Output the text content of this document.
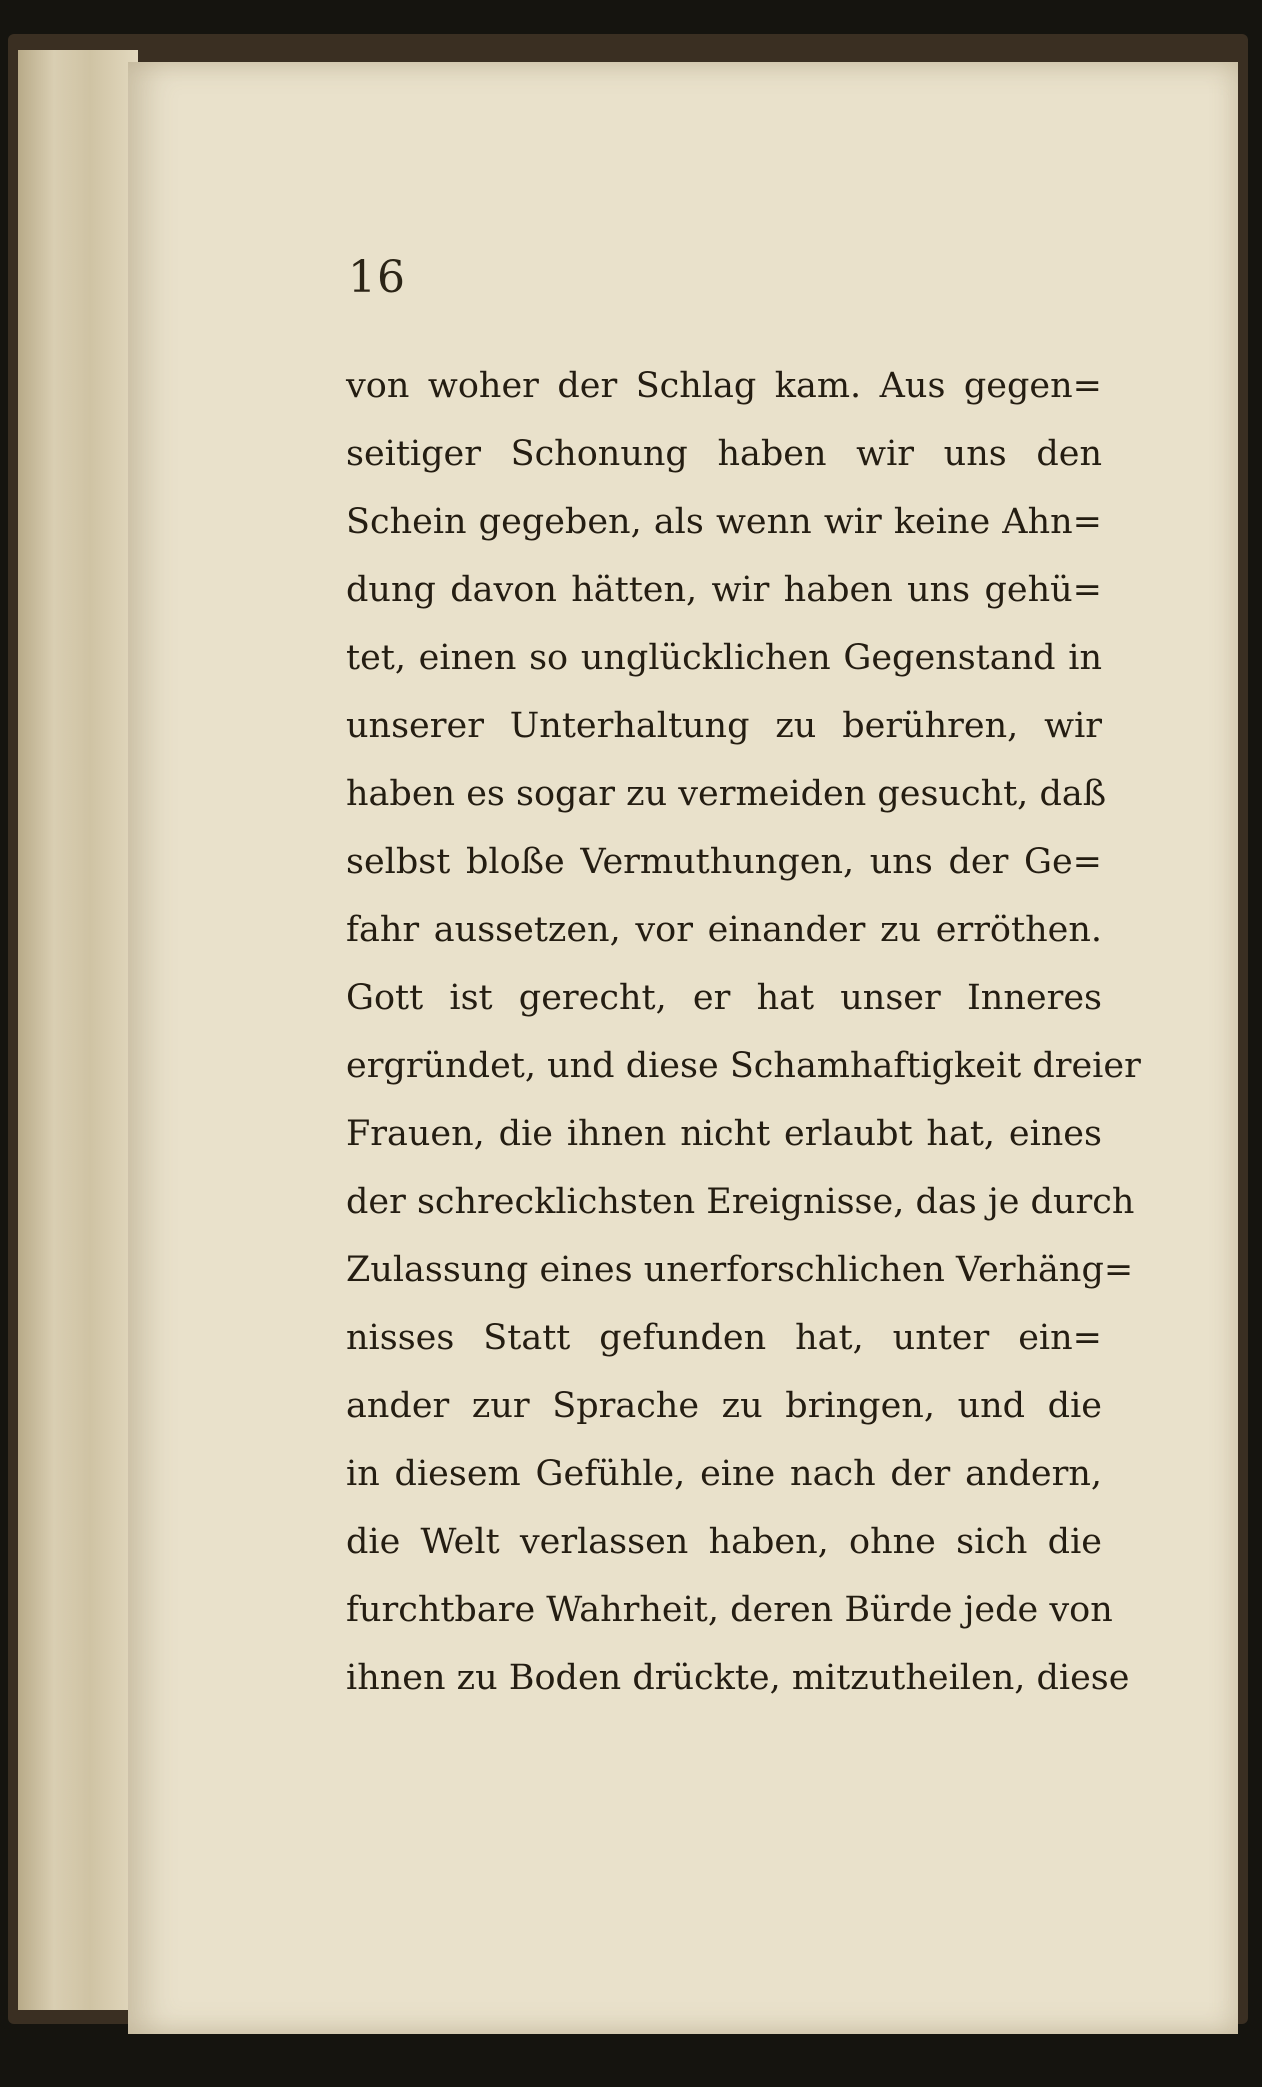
16
von woher der Schlag kam. Aus gegen=
seitiger Schonung haben wir uns den
Schein gegeben, als wenn wir keine Ahn=
dung davon hätten, wir haben uns gehü=
tet, einen so unglücklichen Gegenstand in
unserer Unterhaltung zu berühren, wir
haben es sogar zu vermeiden gesucht, daß
selbst bloße Vermuthungen, uns der Ge=
fahr aussetzen, vor einander zu erröthen.
Gott ist gerecht, er hat unser Inneres
ergründet, und diese Schamhaftigkeit dreier
Frauen, die ihnen nicht erlaubt hat, eines
der schrecklichsten Ereignisse, das je durch
Zulassung eines unerforschlichen Verhäng=
nisses Statt gefunden hat, unter ein=
ander zur Sprache zu bringen, und die
in diesem Gefühle, eine nach der andern,
die Welt verlassen haben, ohne sich die
furchtbare Wahrheit, deren Bürde jede von
ihnen zu Boden drückte, mitzutheilen, diese
